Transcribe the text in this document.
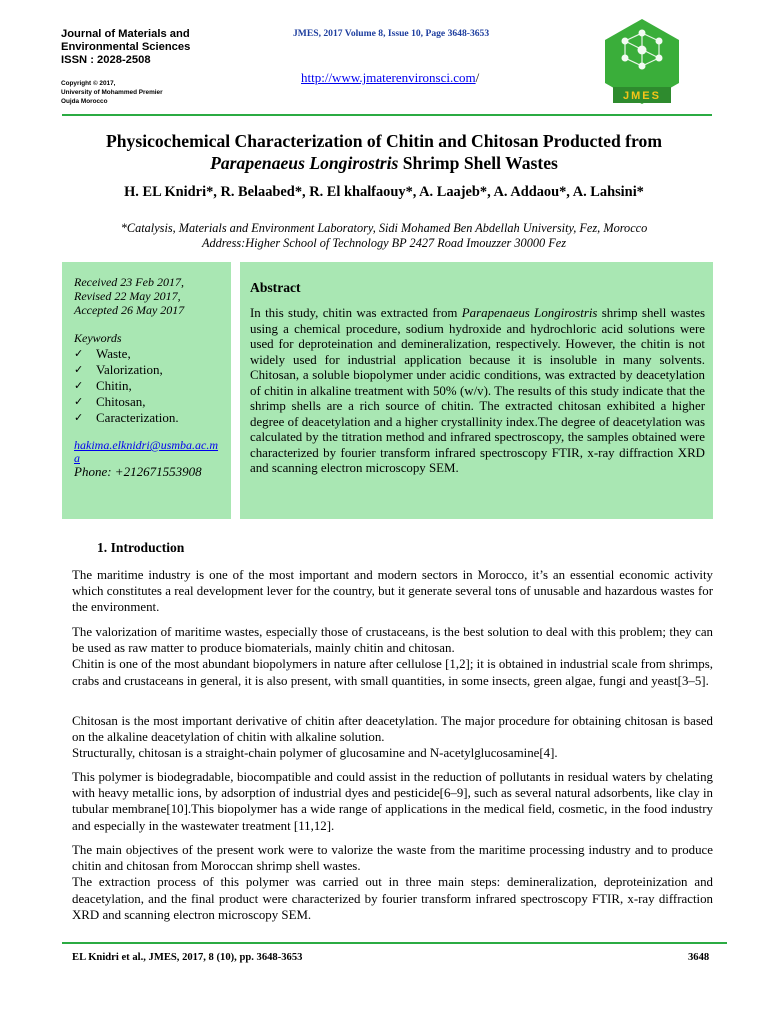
Journal of Materials and
Environmental Sciences
ISSN : 2028-2508
Copyright © 2017,
University of Mohammed Premier
Oujda Morocco
JMES, 2017 Volume 8, Issue 10, Page 3648-3653
http://www.jmaterenvironsci.com/
JMES
Physicochemical Characterization of Chitin and Chitosan Producted from
Parapenaeus Longirostris Shrimp Shell Wastes
H. EL Knidri*, R. Belaabed*, R. El khalfaouy*, A. Laajeb*, A. Addaou*, A. Lahsini*
*Catalysis, Materials and Environment Laboratory, Sidi Mohamed Ben Abdellah University, Fez, Morocco
Address:Higher School of Technology BP 2427 Road Imouzzer 30000 Fez
Received 23 Feb 2017,
Revised 22 May 2017,
Accepted 26 May 2017
Keywords
✓ Waste,
✓ Valorization,
✓ Chitin,
✓ Chitosan,
✓ Caracterization.
hakima.elknidri@usmba.ac.ma
Phone: +212671553908
Abstract

In this study, chitin was extracted from Parapenaeus Longirostris shrimp shell wastes using a chemical procedure, sodium hydroxide and hydrochloric acid solutions were used for deproteination and demineralization, respectively. However, the chitin is not widely used for industrial application because it is insoluble in many solvents. Chitosan, a soluble biopolymer under acidic conditions, was extracted by deacetylation of chitin in alkaline treatment with 50% (w/v). The results of this study indicate that the shrimp shells are a rich source of chitin. The extracted chitosan exhibited a higher degree of deacetylation and a higher crystallinity index.The degree of deacetylation was calculated by the titration method and infrared spectroscopy, the samples obtained were characterized by fourier transform infrared spectroscopy FTIR, x-ray diffraction XRD and scanning electron microscopy SEM.

1. Introduction

The maritime industry is one of the most important and modern sectors in Morocco, it’s an essential economic activity which constitutes a real development lever for the country, but it generate several tons of unusable and hazardous wastes for the environment.

The valorization of maritime wastes, especially those of crustaceans, is the best solution to deal with this problem; they can be used as raw matter to produce biomaterials, mainly chitin and chitosan.
Chitin is one of the most abundant biopolymers in nature after cellulose [1,2]; it is obtained in industrial scale from shrimps, crabs and crustaceans in general, it is also present, with small quantities, in some insects, green algae, fungi and yeast[3–5].
Chitosan is the most important derivative of chitin after deacetylation. The major procedure for obtaining chitosan is based on the alkaline deacetylation of chitin with alkaline solution.
Structurally, chitosan is a straight-chain polymer of glucosamine and N-acetylglucosamine[4].

This polymer is biodegradable, biocompatible and could assist in the reduction of pollutants in residual waters by chelating with heavy metallic ions, by adsorption of industrial dyes and pesticide[6–9], such as several natural adsorbents, like clay in tubular membrane[10].This biopolymer has a wide range of applications in the medical field, cosmetic, in the food industry and especially in the wastewater treatment [11,12].

The main objectives of the present work were to valorize the waste from the maritime processing industry and to produce chitin and chitosan from Moroccan shrimp shell wastes.
The extraction process of this polymer was carried out in three main steps: demineralization, deproteinization and deacetylation, and the final product were characterized by fourier transform infrared spectroscopy FTIR, x-ray diffraction XRD and scanning electron microscopy SEM.
EL Knidri et al., JMES, 2017, 8 (10), pp. 3648-3653	3648
